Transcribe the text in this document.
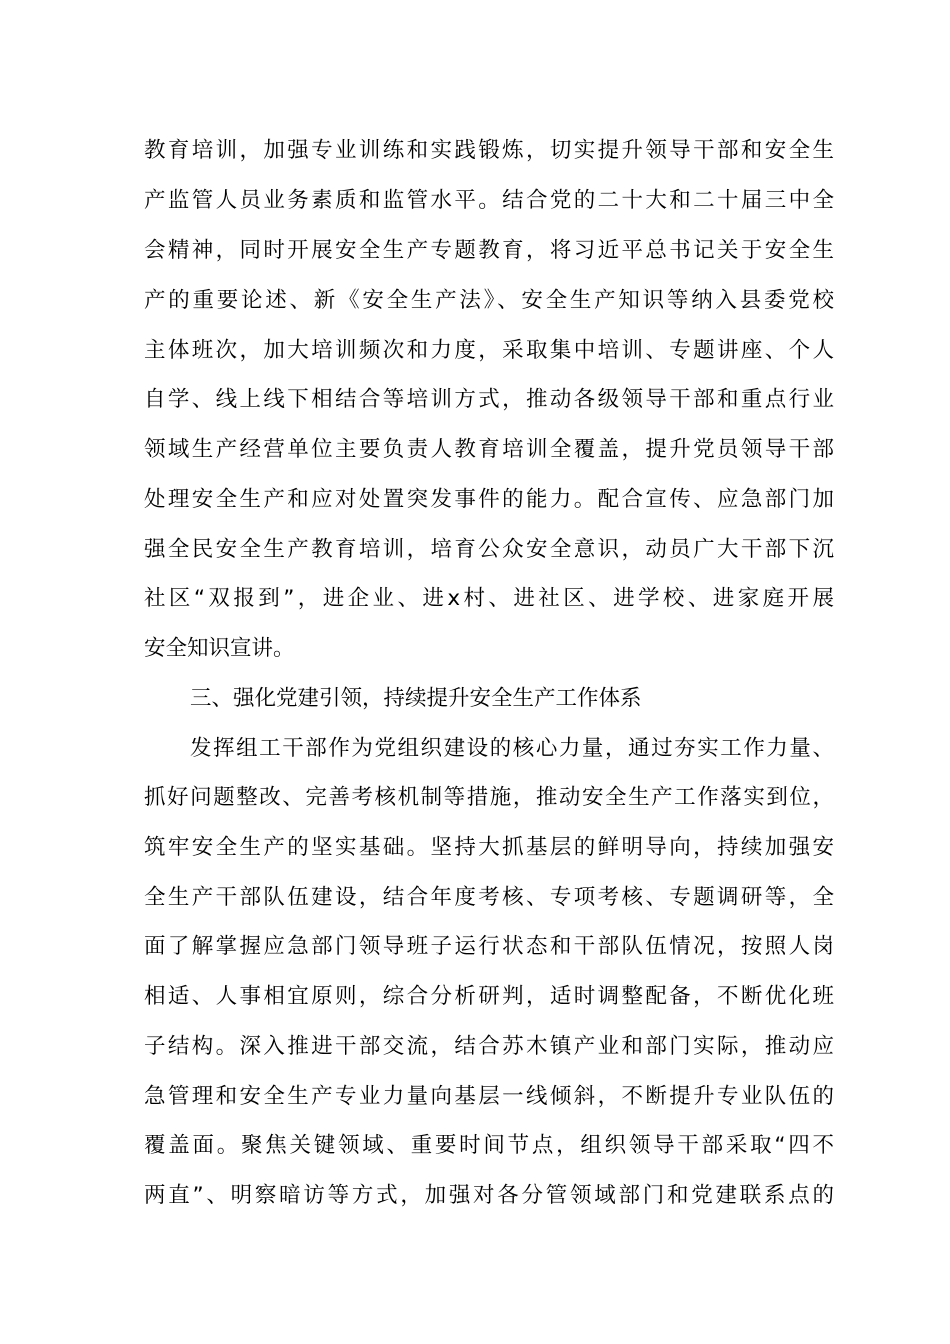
教育培训，加强专业训练和实践锻炼，切实提升领导干部和安全生
产监管人员业务素质和监管水平。结合党的二十大和二十届三中全
会精神，同时开展安全生产专题教育，将习近平总书记关于安全生
产的重要论述、新《安全生产法》、安全生产知识等纳入县委党校
主体班次，加大培训频次和力度，采取集中培训、专题讲座、个人
自学、线上线下相结合等培训方式，推动各级领导干部和重点行业
领域生产经营单位主要负责人教育培训全覆盖，提升党员领导干部
处理安全生产和应对处置突发事件的能力。配合宣传、应急部门加
强全民安全生产教育培训，培育公众安全意识，动员广大干部下沉
社区“双报到”，进企业、进x村、进社区、进学校、进家庭开展
安全知识宣讲。
三、强化党建引领，持续提升安全生产工作体系
发挥组工干部作为党组织建设的核心力量，通过夯实工作力量、
抓好问题整改、完善考核机制等措施，推动安全生产工作落实到位，
筑牢安全生产的坚实基础。坚持大抓基层的鲜明导向，持续加强安
全生产干部队伍建设，结合年度考核、专项考核、专题调研等，全
面了解掌握应急部门领导班子运行状态和干部队伍情况，按照人岗
相适、人事相宜原则，综合分析研判，适时调整配备，不断优化班
子结构。深入推进干部交流，结合苏木镇产业和部门实际，推动应
急管理和安全生产专业力量向基层一线倾斜，不断提升专业队伍的
覆盖面。聚焦关键领域、重要时间节点，组织领导干部采取“四不
两直”、明察暗访等方式，加强对各分管领域部门和党建联系点的
